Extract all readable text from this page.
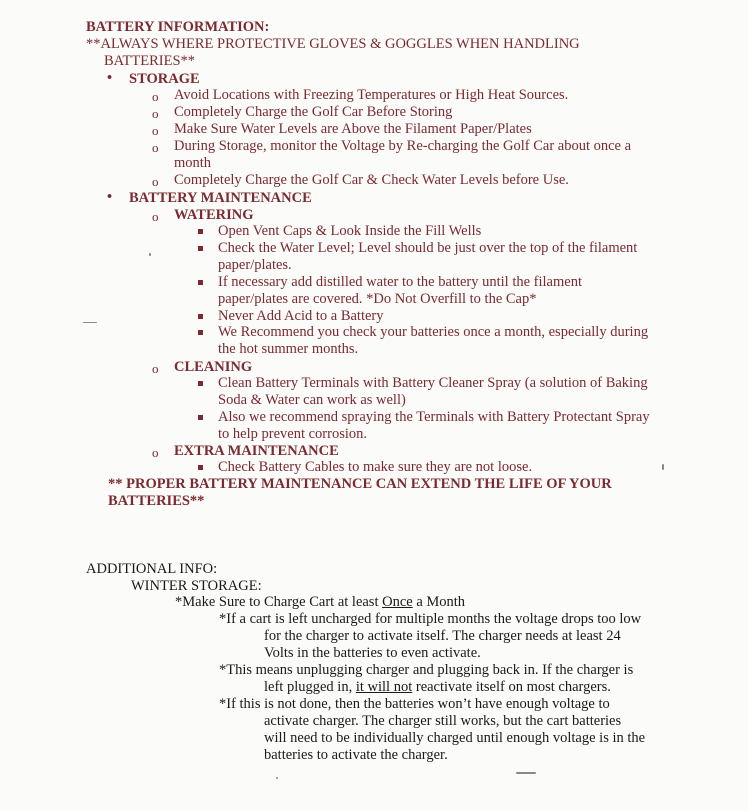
BATTERY INFORMATION:
**ALWAYS WHERE PROTECTIVE GLOVES & GOGGLES WHEN HANDLING
BATTERIES**
• STORAGE
o Avoid Locations with Freezing Temperatures or High Heat Sources.
o Completely Charge the Golf Car Before Storing
o Make Sure Water Levels are Above the Filament Paper/Plates
o During Storage, monitor the Voltage by Re-charging the Golf Car about once a
month
o Completely Charge the Golf Car & Check Water Levels before Use.
• BATTERY MAINTENANCE
o WATERING
Open Vent Caps & Look Inside the Fill Wells
Check the Water Level; Level should be just over the top of the filament
paper/plates.
If necessary add distilled water to the battery until the filament
paper/plates are covered. *Do Not Overfill to the Cap*
Never Add Acid to a Battery
We Recommend you check your batteries once a month, especially during
the hot summer months.
o CLEANING
Clean Battery Terminals with Battery Cleaner Spray (a solution of Baking
Soda & Water can work as well)
Also we recommend spraying the Terminals with Battery Protectant Spray
to help prevent corrosion.
o EXTRA MAINTENANCE
Check Battery Cables to make sure they are not loose.
** PROPER BATTERY MAINTENANCE CAN EXTEND THE LIFE OF YOUR
BATTERIES**
ADDITIONAL INFO:
WINTER STORAGE:
*Make Sure to Charge Cart at least Once a Month
*If a cart is left uncharged for multiple months the voltage drops too low
for the charger to activate itself. The charger needs at least 24
Volts in the batteries to even activate.
*This means unplugging charger and plugging back in. If the charger is
left plugged in, it will not reactivate itself on most chargers.
*If this is not done, then the batteries won’t have enough voltage to
activate charger. The charger still works, but the cart batteries
will need to be individually charged until enough voltage is in the
batteries to activate the charger.
